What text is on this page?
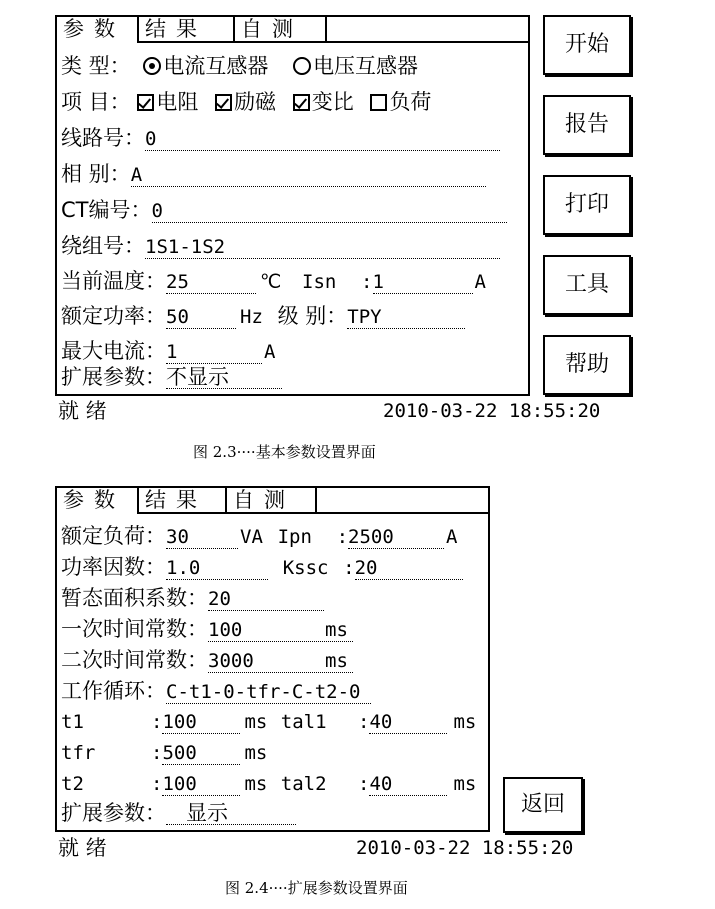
参数 结果	自测
类 型： 电流互感器 电压互感器
项 目： 电阻 励磁 变比 负荷
线路号：0
相 别：A
CT编号：0
绕组号：1S1-1S2
当前温度：25	℃ Isn :1	A
额定功率：50	Hz 级 别：TPY
最大电流：1	A
扩展参数：不显示
开始
报告
打印
工具
帮助
就 绪	2010-03-22 18:55:20
图 2.3····基本参数设置界面
参数 结果	自测
额定负荷：30	VA Ipn :2500	A
功率因数：1.0	Kssc :20
暂态面积系数：20
一次时间常数：100	ms
二次时间常数：3000	ms
工作循环：C-t1-0-tfr-C-t2-0
t1	:100	ms tal1 :40	ms
tfr	:500	ms
t2	:100	ms tal2 :40	ms
扩展参数： 显示	返回
就 绪	2010-03-22 18:55:20
图 2.4····扩展参数设置界面
